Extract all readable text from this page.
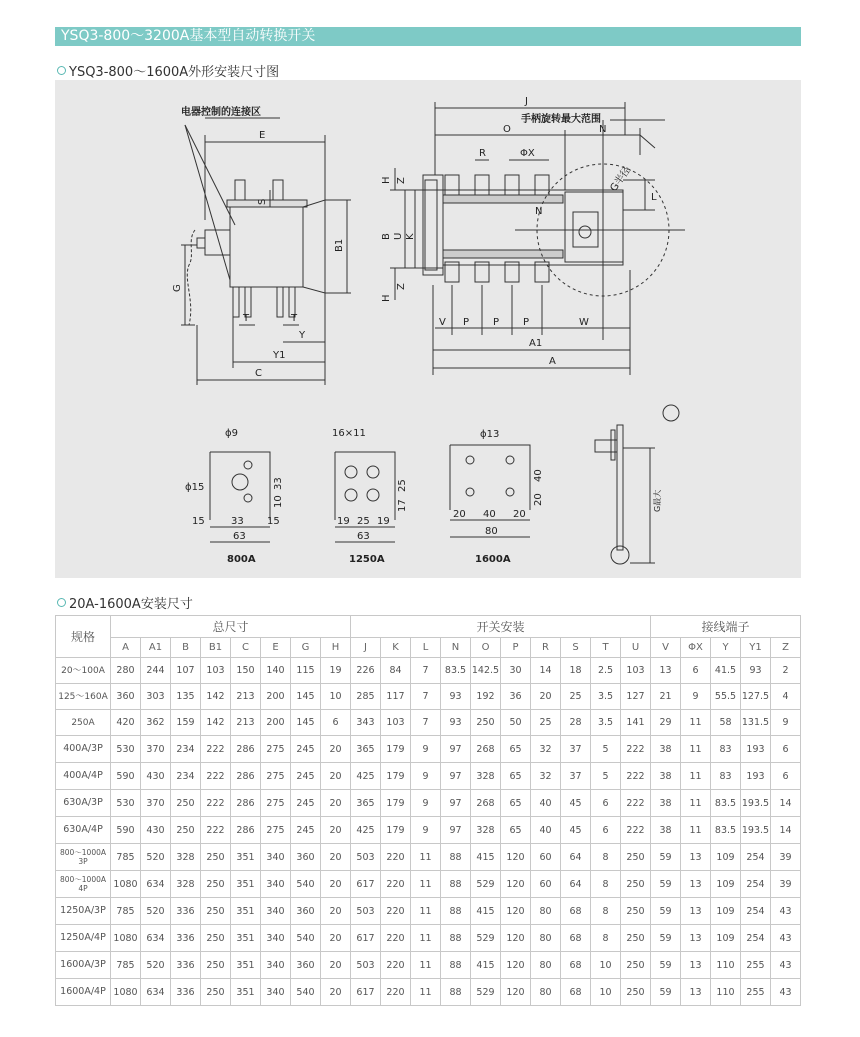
YSQ3-800～3200A基本型自动转换开关
YSQ3-800～1600A外形安装尺寸图
电器控制的连接区
E
S
B1
G
T	T
Y
Y1
C
手柄旋转最大范围
J
O	N
R	ΦX
N
G半径
L
H Z
B U K
Z
H
V P P P	W
A1
A
ϕ9
ϕ15	33
10
15	33 15
63
800A
16×11
25
17
19 25 19
63
1250A
ϕ13
40
20
20 40 20
80
1600A
G最大
20A-1600A安装尺寸
规格	总尺寸								开关安装										接线端子				
	A	A1	B	B1	C	E	G	H	J	K	L	N	O	P	R	S	T	U	V	ΦX	Y	Y1	Z
20～100A	280	244	107	103	150	140	115	19	226	84	7	83.5	142.5	30	14	18	2.5	103	13	6	41.5	93	2
125～160A	360	303	135	142	213	200	145	10	285	117	7	93	192	36	20	25	3.5	127	21	9	55.5	127.5	4
250A	420	362	159	142	213	200	145	6	343	103	7	93	250	50	25	28	3.5	141	29	11	58	131.5	9
400A/3P	530	370	234	222	286	275	245	20	365	179	9	97	268	65	32	37	5	222	38	11	83	193	6
400A/4P	590	430	234	222	286	275	245	20	425	179	9	97	328	65	32	37	5	222	38	11	83	193	6
630A/3P	530	370	250	222	286	275	245	20	365	179	9	97	268	65	40	45	6	222	38	11	83.5	193.5	14
630A/4P	590	430	250	222	286	275	245	20	425	179	9	97	328	65	40	45	6	222	38	11	83.5	193.5	14
800～1000A 3P	785	520	328	250	351	340	360	20	503	220	11	88	415	120	60	64	8	250	59	13	109	254	39
800～1000A 4P	1080	634	328	250	351	340	540	20	617	220	11	88	529	120	60	64	8	250	59	13	109	254	39
1250A/3P	785	520	336	250	351	340	360	20	503	220	11	88	415	120	80	68	8	250	59	13	109	254	43
1250A/4P	1080	634	336	250	351	340	540	20	617	220	11	88	529	120	80	68	8	250	59	13	109	254	43
1600A/3P	785	520	336	250	351	340	360	20	503	220	11	88	415	120	80	68	10	250	59	13	110	255	43
1600A/4P	1080	634	336	250	351	340	540	20	617	220	11	88	529	120	80	68	10	250	59	13	110	255	43
